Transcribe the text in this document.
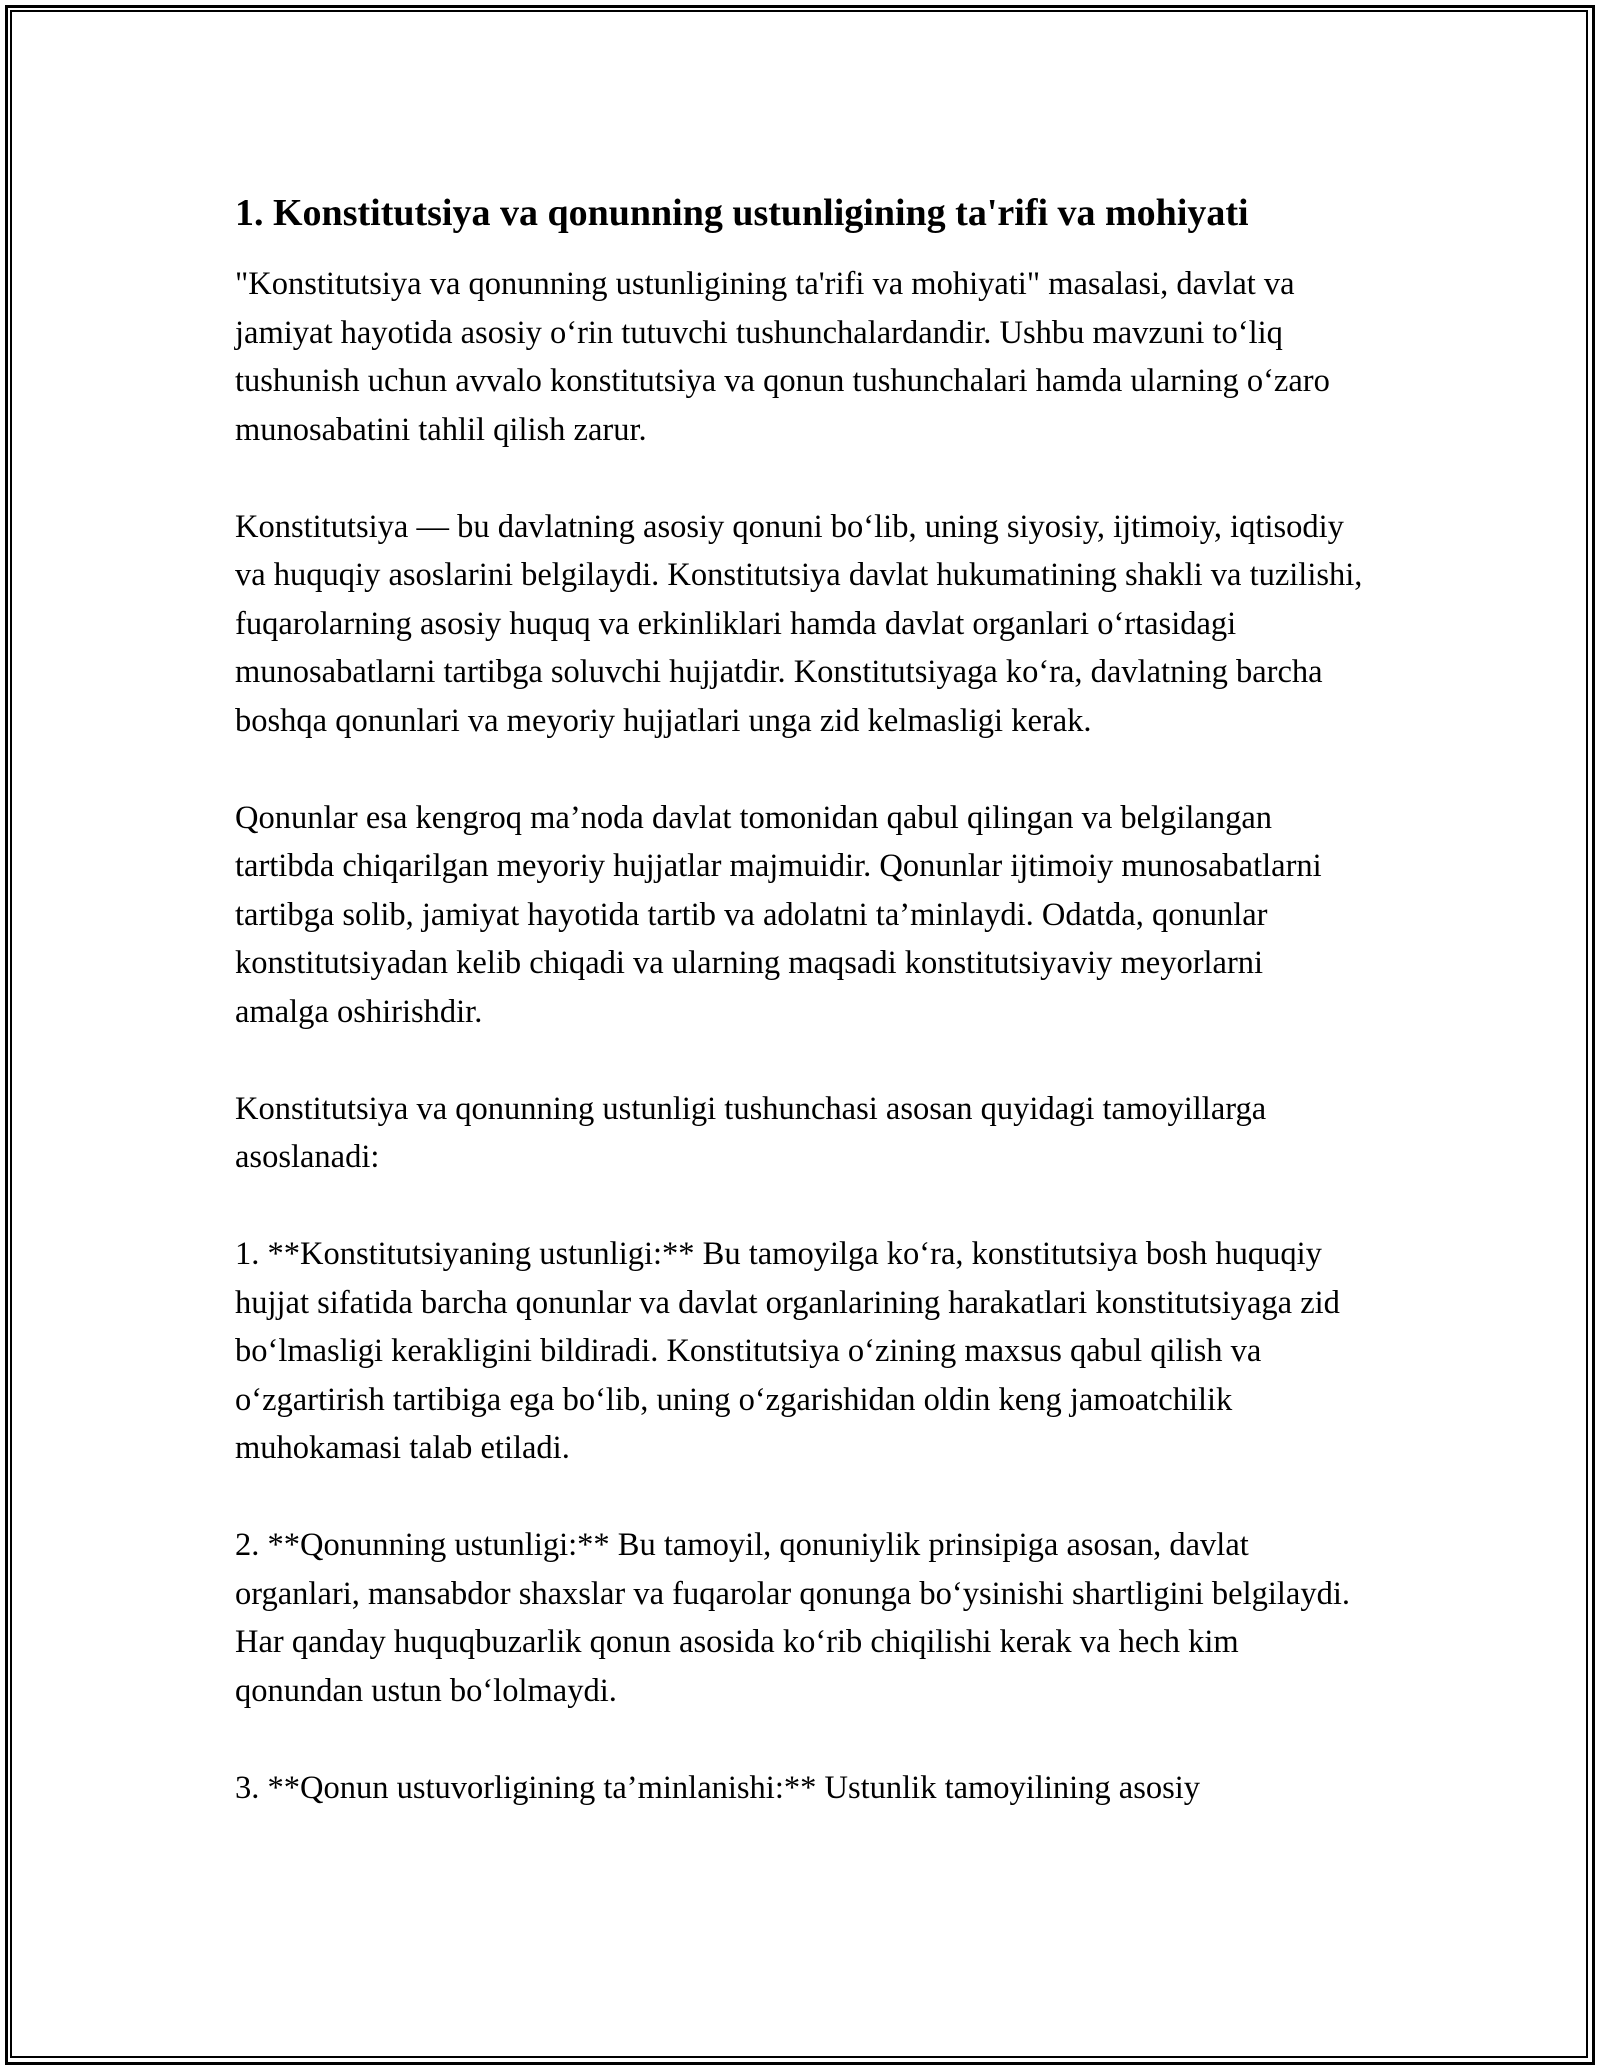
1. Konstitutsiya va qonunning ustunligining ta'rifi va mohiyati

"Konstitutsiya va qonunning ustunligining ta'rifi va mohiyati" masalasi, davlat va jamiyat hayotida asosiy o‘rin tutuvchi tushunchalardandir. Ushbu mavzuni to‘liq tushunish uchun avvalo konstitutsiya va qonun tushunchalari hamda ularning o‘zaro munosabatini tahlil qilish zarur.

Konstitutsiya — bu davlatning asosiy qonuni bo‘lib, uning siyosiy, ijtimoiy, iqtisodiy va huquqiy asoslarini belgilaydi. Konstitutsiya davlat hukumatining shakli va tuzilishi, fuqarolarning asosiy huquq va erkinliklari hamda davlat organlari o‘rtasidagi munosabatlarni tartibga soluvchi hujjatdir. Konstitutsiyaga ko‘ra, davlatning barcha boshqa qonunlari va meyoriy hujjatlari unga zid kelmasligi kerak.

Qonunlar esa kengroq ma’noda davlat tomonidan qabul qilingan va belgilangan tartibda chiqarilgan meyoriy hujjatlar majmuidir. Qonunlar ijtimoiy munosabatlarni tartibga solib, jamiyat hayotida tartib va adolatni ta’minlaydi. Odatda, qonunlar konstitutsiyadan kelib chiqadi va ularning maqsadi konstitutsiyaviy meyorlarni amalga oshirishdir.

Konstitutsiya va qonunning ustunligi tushunchasi asosan quyidagi tamoyillarga asoslanadi:

1. **Konstitutsiyaning ustunligi:** Bu tamoyilga ko‘ra, konstitutsiya bosh huquqiy hujjat sifatida barcha qonunlar va davlat organlarining harakatlari konstitutsiyaga zid bo‘lmasligi kerakligini bildiradi. Konstitutsiya o‘zining maxsus qabul qilish va o‘zgartirish tartibiga ega bo‘lib, uning o‘zgarishidan oldin keng jamoatchilik muhokamasi talab etiladi.

2. **Qonunning ustunligi:** Bu tamoyil, qonuniylik prinsipiga asosan, davlat organlari, mansabdor shaxslar va fuqarolar qonunga bo‘ysinishi shartligini belgilaydi. Har qanday huquqbuzarlik qonun asosida ko‘rib chiqilishi kerak va hech kim qonundan ustun bo‘lolmaydi.

3. **Qonun ustuvorligining ta’minlanishi:** Ustunlik tamoyilining asosiy
